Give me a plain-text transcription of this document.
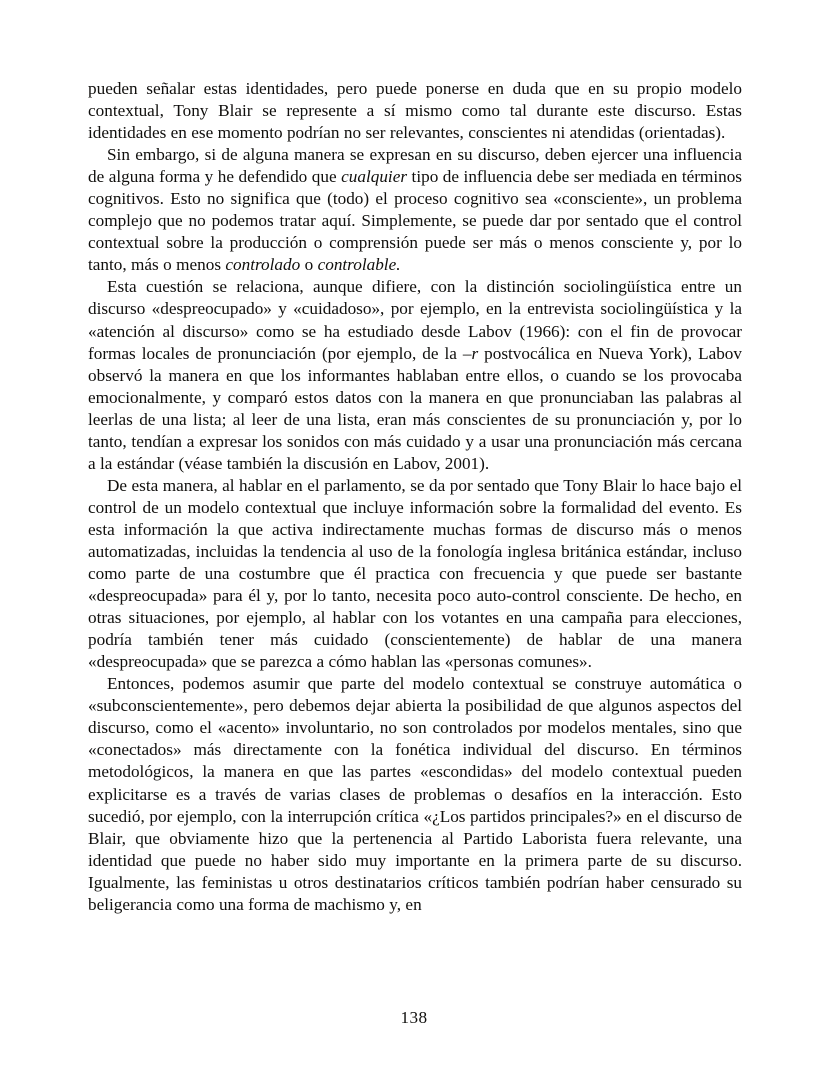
pueden señalar estas identidades, pero puede ponerse en duda que en su propio modelo contextual, Tony Blair se represente a sí mismo como tal durante este discurso. Estas identidades en ese momento podrían no ser relevantes, conscientes ni atendidas (orientadas).

Sin embargo, si de alguna manera se expresan en su discurso, deben ejercer una influencia de alguna forma y he defendido que cualquier tipo de influencia debe ser mediada en términos cognitivos. Esto no significa que (todo) el proceso cognitivo sea «consciente», un problema complejo que no podemos tratar aquí. Simplemente, se puede dar por sentado que el control contextual sobre la producción o comprensión puede ser más o menos consciente y, por lo tanto, más o menos controlado o controlable.

Esta cuestión se relaciona, aunque difiere, con la distinción sociolingüística entre un discurso «despreocupado» y «cuidadoso», por ejemplo, en la entrevista sociolingüística y la «atención al discurso» como se ha estudiado desde Labov (1966): con el fin de provocar formas locales de pronunciación (por ejemplo, de la –r postvocálica en Nueva York), Labov observó la manera en que los informantes hablaban entre ellos, o cuando se los provocaba emocionalmente, y comparó estos datos con la manera en que pronunciaban las palabras al leerlas de una lista; al leer de una lista, eran más conscientes de su pronunciación y, por lo tanto, tendían a expresar los sonidos con más cuidado y a usar una pronunciación más cercana a la estándar (véase también la discusión en Labov, 2001).

De esta manera, al hablar en el parlamento, se da por sentado que Tony Blair lo hace bajo el control de un modelo contextual que incluye información sobre la formalidad del evento. Es esta información la que activa indirectamente muchas formas de discurso más o menos automatizadas, incluidas la tendencia al uso de la fonología inglesa británica estándar, incluso como parte de una costumbre que él practica con frecuencia y que puede ser bastante «despreocupada» para él y, por lo tanto, necesita poco auto-control consciente. De hecho, en otras situaciones, por ejemplo, al hablar con los votantes en una campaña para elecciones, podría también tener más cuidado (conscientemente) de hablar de una manera «despreocupada» que se parezca a cómo hablan las «personas comunes».

Entonces, podemos asumir que parte del modelo contextual se construye automática o «subconscientemente», pero debemos dejar abierta la posibilidad de que algunos aspectos del discurso, como el «acento» involuntario, no son controlados por modelos mentales, sino que «conectados» más directamente con la fonética individual del discurso. En términos metodológicos, la manera en que las partes «escondidas» del modelo contextual pueden explicitarse es a través de varias clases de problemas o desafíos en la interacción. Esto sucedió, por ejemplo, con la interrupción crítica «¿Los partidos principales?» en el discurso de Blair, que obviamente hizo que la pertenencia al Partido Laborista fuera relevante, una identidad que puede no haber sido muy importante en la primera parte de su discurso. Igualmente, las feministas u otros destinatarios críticos también podrían haber censurado su beligerancia como una forma de machismo y, en

138
